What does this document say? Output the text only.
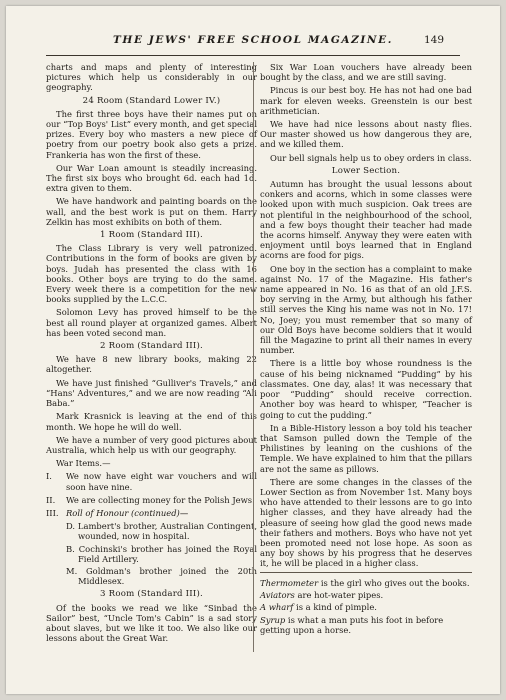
THE JEWS' FREE SCHOOL MAGAZINE.	149

charts and maps and plenty of interesting pictures which help us considerably in our geography.

24 Room (Standard Lower IV.)

The first three boys have their names put on our “Top Boys' List” every month, and get special prizes. Every boy who masters a new piece of poetry from our poetry book also gets a prize. Frankeria has won the first of these.

Our War Loan amount is steadily increasing. The first six boys who brought 6d. each had 1d. extra given to them.

We have handwork and painting boards on the wall, and the best work is put on them. Harry Zelkin has most exhibits on both of them.

1 Room (Standard III).

The Class Library is very well patronized. Contributions in the form of books are given by boys. Judah has presented the class with 16 books. Other boys are trying to do the same. Every week there is a competition for the new books supplied by the L.C.C.

Solomon Levy has proved himself to be the best all round player at organized games. Albert has been voted second man.

2 Room (Standard III).

We have 8 new library books, making 22 altogether.

We have just finished “Gulliver's Travels,” and “Hans' Adventures,” and we are now reading “Ali Baba.”

Mark Krasnick is leaving at the end of this month. We hope he will do well.

We have a number of very good pictures about Australia, which help us with our geography.

War Items.—

I. We now have eight war vouchers and will soon have nine.
II. We are collecting money for the Polish Jews.
III. Roll of Honour (continued)—

D. Lambert's brother, Australian Contingent, wounded, now in hospital.

B. Cochinski's brother has joined the Royal Field Artillery.

M. Goldman's brother joined the 20th Middlesex.

3 Room (Standard III).

Of the books we read we like “Sinbad the Sailor” best, “Uncle Tom's Cabin” is a sad story about slaves, but we like it too. We also like our lessons about the Great War.

Six War Loan vouchers have already been bought by the class, and we are still saving.

Pincus is our best boy. He has not had one bad mark for eleven weeks. Greenstein is our best arithmetician.

We have had nice lessons about nasty flies. Our master showed us how dangerous they are, and we killed them.

Our bell signals help us to obey orders in class.

Lower Section.

Autumn has brought the usual lessons about conkers and acorns, which in some classes were looked upon with much suspicion. Oak trees are not plentiful in the neighbourhood of the school, and a few boys thought their teacher had made the acorns himself. Anyway they were eaten with enjoyment until boys learned that in England acorns are food for pigs.

One boy in the section has a complaint to make against No. 17 of the Magazine. His father's name appeared in No. 16 as that of an old J.F.S. boy serving in the Army, but although his father still serves the King his name was not in No. 17! No, Joey; you must remember that so many of our Old Boys have become soldiers that it would fill the Magazine to print all their names in every number.

There is a little boy whose roundness is the cause of his being nicknamed “Pudding” by his classmates. One day, alas! it was necessary that poor “Pudding” should receive correction. Another boy was heard to whisper, “Teacher is going to cut the pudding.”

In a Bible-History lesson a boy told his teacher that Samson pulled down the Temple of the Philistines by leaning on the cushions of the Temple. We have explained to him that the pillars are not the same as pillows.

There are some changes in the classes of the Lower Section as from November 1st. Many boys who have attended to their lessons are to go into higher classes, and they have already had the pleasure of seeing how glad the good news made their fathers and mothers. Boys who have not yet been promoted need not lose hope. As soon as any boy shows by his progress that he deserves it, he will be placed in a higher class.

Thermometer is the girl who gives out the books.

Aviators are hot-water pipes.

A wharf is a kind of pimple.

Syrup is what a man puts his foot in before getting upon a horse.
